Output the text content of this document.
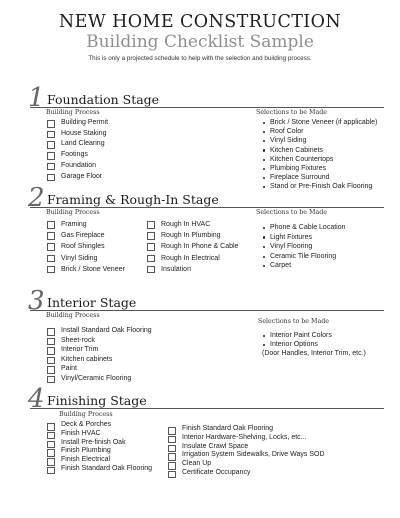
NEW HOME CONSTRUCTION
Building Checklist Sample
This is only a projected schedule to help with the selection and building process.
1 Foundation Stage
Building Process	Selections to be Made
Building Permit
House Staking
Land Clearing
Footings
Foundation
Garage Floor
Brick / Stone Veneer (if applicable)
Roof Color
Vinyl Siding
Kitchen Cabinets
Kitchen Countertops
Plumbing Fixtures
Fireplace Surround
Stand or Pre-Finish Oak Flooring
2 Framing & Rough-In Stage
Building Process	Selections to be Made
Framing
Gas Fireplace
Roof Shingles
Vinyl Siding
Brick / Stone Veneer
Rough In HVAC
Rough In Plumbing
Rough In Phone & Cable
Rough In Electrical
Insulation
Phone & Cable Location
Light Fixtures
Vinyl Flooring
Ceramic Tile Flooring
Carpet
3 Interior Stage
Building Process
Selections to be Made
Install Standard Oak Flooring
Sheet-rock
Interior Trim
Kitchen cabinets
Paint
Vinyl/Ceramic Flooring
Interior Paint Colors
Interior Options
(Door Handles, Interior Trim, etc.)
4 Finishing Stage
Building Process
Deck & Porches
Finish HVAC
Install Pre-finish Oak
Finish Plumbing
Finish Electrical
Finish Standard Oak Flooring
Finish Standard Oak Flooring
Interior Hardware-Shelving, Locks, etc...
Insulate Crawl Space
Irrigation System Sidewalks, Drive Ways SOD
Clean Up
Certificate Occupancy
